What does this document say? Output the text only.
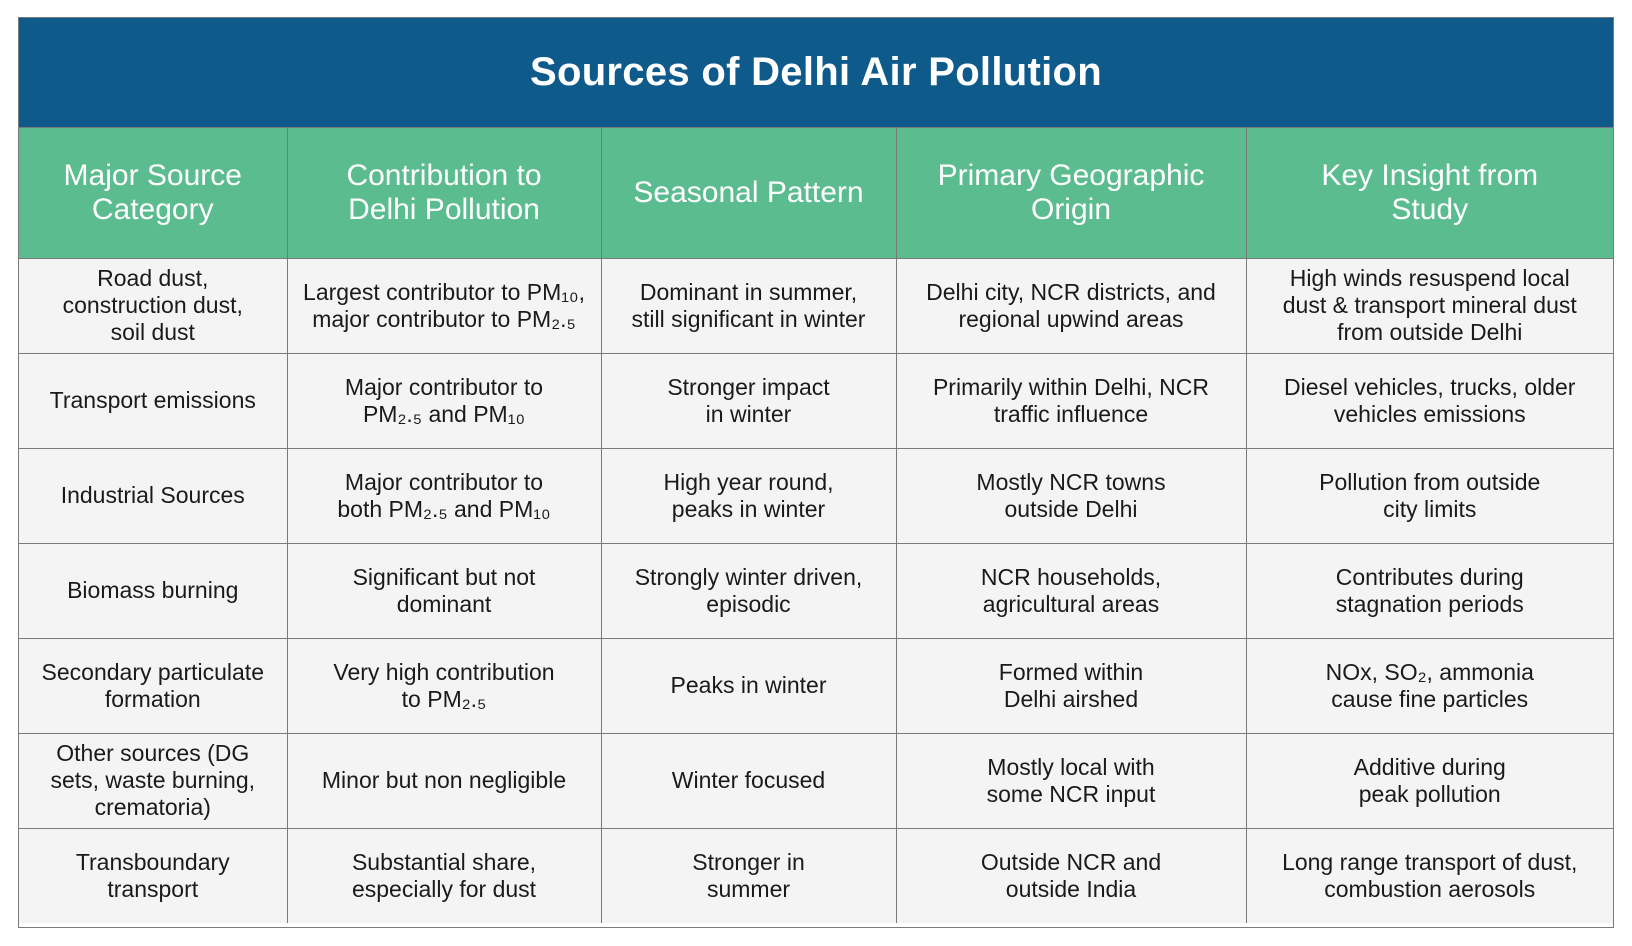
Sources of Delhi Air Pollution
Major Source
Category	Contribution to
Delhi Pollution	Seasonal Pattern	Primary Geographic
Origin	Key Insight from
Study

Road dust,
construction dust,
soil dust	Largest contributor to PM₁₀,
major contributor to PM₂.₅	Dominant in summer,
still significant in winter	Delhi city, NCR districts, and
regional upwind areas	High winds resuspend local
dust & transport mineral dust
from outside Delhi

Transport emissions	Major contributor to
PM₂.₅ and PM₁₀	Stronger impact
in winter	Primarily within Delhi, NCR
traffic influence	Diesel vehicles, trucks, older
vehicles emissions

Industrial Sources	Major contributor to
both PM₂.₅ and PM₁₀	High year round,
peaks in winter	Mostly NCR towns
outside Delhi	Pollution from outside
city limits

Biomass burning	Significant but not
dominant	Strongly winter driven,
episodic	NCR households,
agricultural areas	Contributes during
stagnation periods

Secondary particulate
formation	Very high contribution
to PM₂.₅	Peaks in winter	Formed within
Delhi airshed	NOx, SO₂, ammonia
cause fine particles

Other sources (DG
sets, waste burning,
crematoria)	Minor but non negligible	Winter focused	Mostly local with
some NCR input	Additive during
peak pollution

Transboundary
transport	Substantial share,
especially for dust	Stronger in
summer	Outside NCR and
outside India	Long range transport of dust,
combustion aerosols
